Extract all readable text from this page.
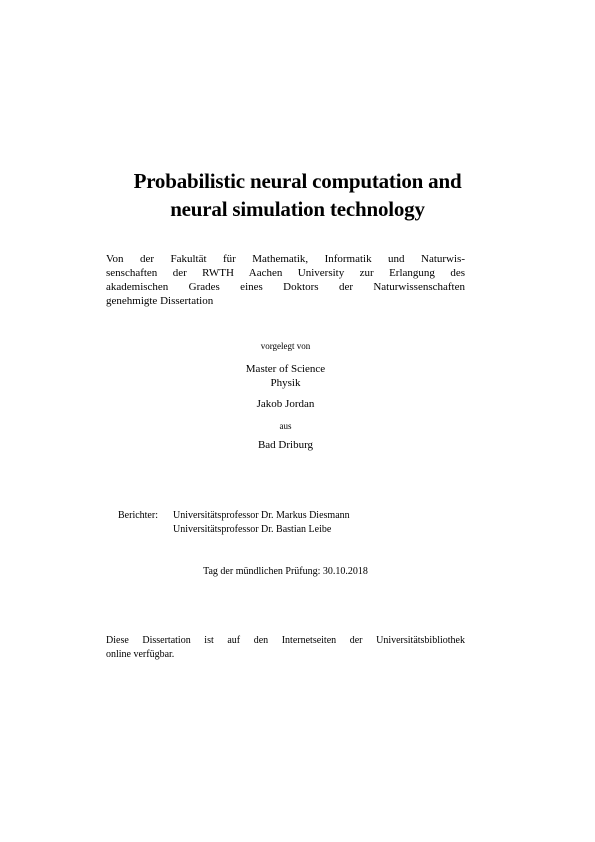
Probabilistic neural computation and
neural simulation technology
Von der Fakultät für Mathematik, Informatik und Naturwis-
senschaften der RWTH Aachen University zur Erlangung des
akademischen Grades eines Doktors der Naturwissenschaften
genehmigte Dissertation
vorgelegt von
Master of Science
Physik
Jakob Jordan
aus
Bad Driburg
Berichter: Universitätsprofessor Dr. Markus Diesmann
Universitätsprofessor Dr. Bastian Leibe
Tag der mündlichen Prüfung: 30.10.2018
Diese Dissertation ist auf den Internetseiten der Universitätsbibliothek
online verfügbar.
